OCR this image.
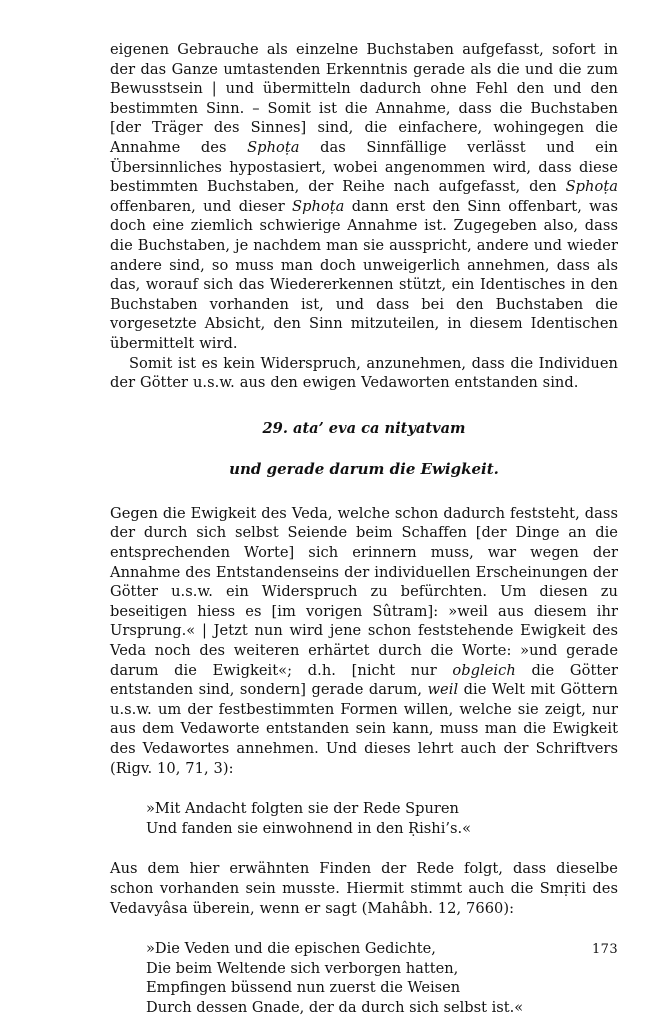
eigenen Gebrauche als einzelne Buchstaben aufgefasst, sofort in der das Ganze umtastenden Erkenntnis gerade als die und die zum Bewusstsein | und übermitteln dadurch ohne Fehl den und den bestimmten Sinn. – Somit ist die Annahme, dass die Buchstaben [der Träger des Sinnes] sind, die einfachere, wohingegen die Annahme des Sphoṭa das Sinnfällige verlässt und ein Übersinnliches hypostasiert, wobei angenommen wird, dass diese bestimmten Buchstaben, der Reihe nach aufgefasst, den Sphoṭa offenbaren, und dieser Sphoṭa dann erst den Sinn offenbart, was doch eine ziemlich schwierige Annahme ist. Zugegeben also, dass die Buchstaben, je nachdem man sie ausspricht, andere und wieder andere sind, so muss man doch unweigerlich annehmen, dass als das, worauf sich das Wiedererkennen stützt, ein Identisches in den Buchstaben vorhanden ist, und dass bei den Buchstaben die vorgesetzte Absicht, den Sinn mitzuteilen, in diesem Identischen übermittelt wird.

Somit ist es kein Widerspruch, anzunehmen, dass die Individuen der Götter u.s.w. aus den ewigen Vedaworten entstanden sind.

29. ata’ eva ca nityatvam
und gerade darum die Ewigkeit.

Gegen die Ewigkeit des Veda, welche schon dadurch feststeht, dass der durch sich selbst Seiende beim Schaffen [der Dinge an die entsprechenden Worte] sich erinnern muss, war wegen der Annahme des Entstandenseins der individuellen Erscheinungen der Götter u.s.w. ein Widerspruch zu befürchten. Um diesen zu beseitigen hiess es [im vorigen Sûtram]: »weil aus diesem ihr Ursprung.« | Jetzt nun wird jene schon feststehende Ewigkeit des Veda noch des weiteren erhärtet durch die Worte: »und gerade darum die Ewigkeit«; d.h. [nicht nur obgleich die Götter entstanden sind, sondern] gerade darum, weil die Welt mit Göttern u.s.w. um der festbestimmten Formen willen, welche sie zeigt, nur aus dem Vedaworte entstanden sein kann, muss man die Ewigkeit des Vedawortes annehmen. Und dieses lehrt auch der Schriftvers (Rigv. 10, 71, 3):

»Mit Andacht folgten sie der Rede Spuren
Und fanden sie einwohnend in den Ṛishi’s.«

Aus dem hier erwähnten Finden der Rede folgt, dass dieselbe schon vorhanden sein musste. Hiermit stimmt auch die Smṛiti des Vedavyâsa überein, wenn er sagt (Mahâbh. 12, 7660):

»Die Veden und die epischen Gedichte,
Die beim Weltende sich verborgen hatten,
Empfingen büssend nun zuerst die Weisen
Durch dessen Gnade, der da durch sich selbst ist.«
173
